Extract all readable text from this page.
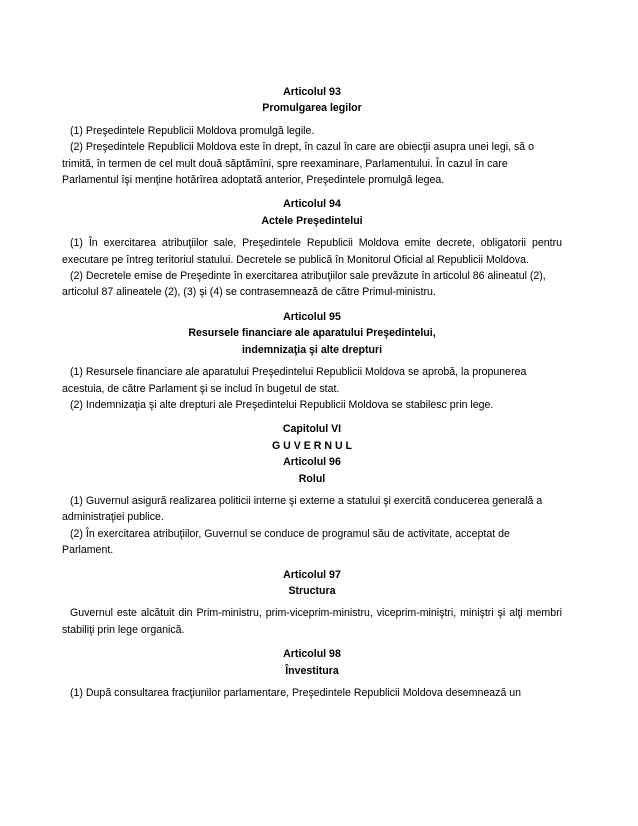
Articolul 93

Promulgarea legilor

(1) Preşedintele Republicii Moldova promulgă legile.

(2) Preşedintele Republicii Moldova este în drept, în cazul în care are obiecţii asupra unei legi, să o trimită, în termen de cel mult două săptămîni, spre reexaminare, Parlamentului. În cazul în care Parlamentul îşi menţine hotărîrea adoptată anterior, Preşedintele promulgă legea.

Articolul 94

Actele Preşedintelui

(1) În exercitarea atribuţiilor sale, Preşedintele Republicii Moldova emite decrete, obligatorii pentru executare pe întreg teritoriul statului. Decretele se publică în Monitorul Oficial al Republicii Moldova.

(2) Decretele emise de Preşedinte în exercitarea atribuţiilor sale prevăzute în articolul 86 alineatul (2), articolul 87 alineatele (2), (3) şi (4) se contrasemnează de către Primul-ministru.

Articolul 95

Resursele financiare ale aparatului Preşedintelui,

indemnizaţia şi alte drepturi

(1) Resursele financiare ale aparatului Preşedintelui Republicii Moldova se aprobă, la propunerea acestuia, de către Parlament şi se includ în bugetul de stat.

(2) Indemnizaţia şi alte drepturi ale Preşedintelui Republicii Moldova se stabilesc prin lege.

Capitolul VI

G U V E R N U L

Articolul 96

Rolul

(1) Guvernul asigură realizarea politicii interne şi externe a statului şi exercită conducerea generală a administraţiei publice.

(2) În exercitarea atribuţiilor, Guvernul se conduce de programul său de activitate, acceptat de Parlament.

Articolul 97

Structura

Guvernul este alcătuit din Prim-ministru, prim-viceprim-ministru, viceprim-miniştri, miniştri şi alţi membri stabiliţi prin lege organică.

Articolul 98

Învestitura

(1) După consultarea fracţiunilor parlamentare, Preşedintele Republicii Moldova desemnează un
